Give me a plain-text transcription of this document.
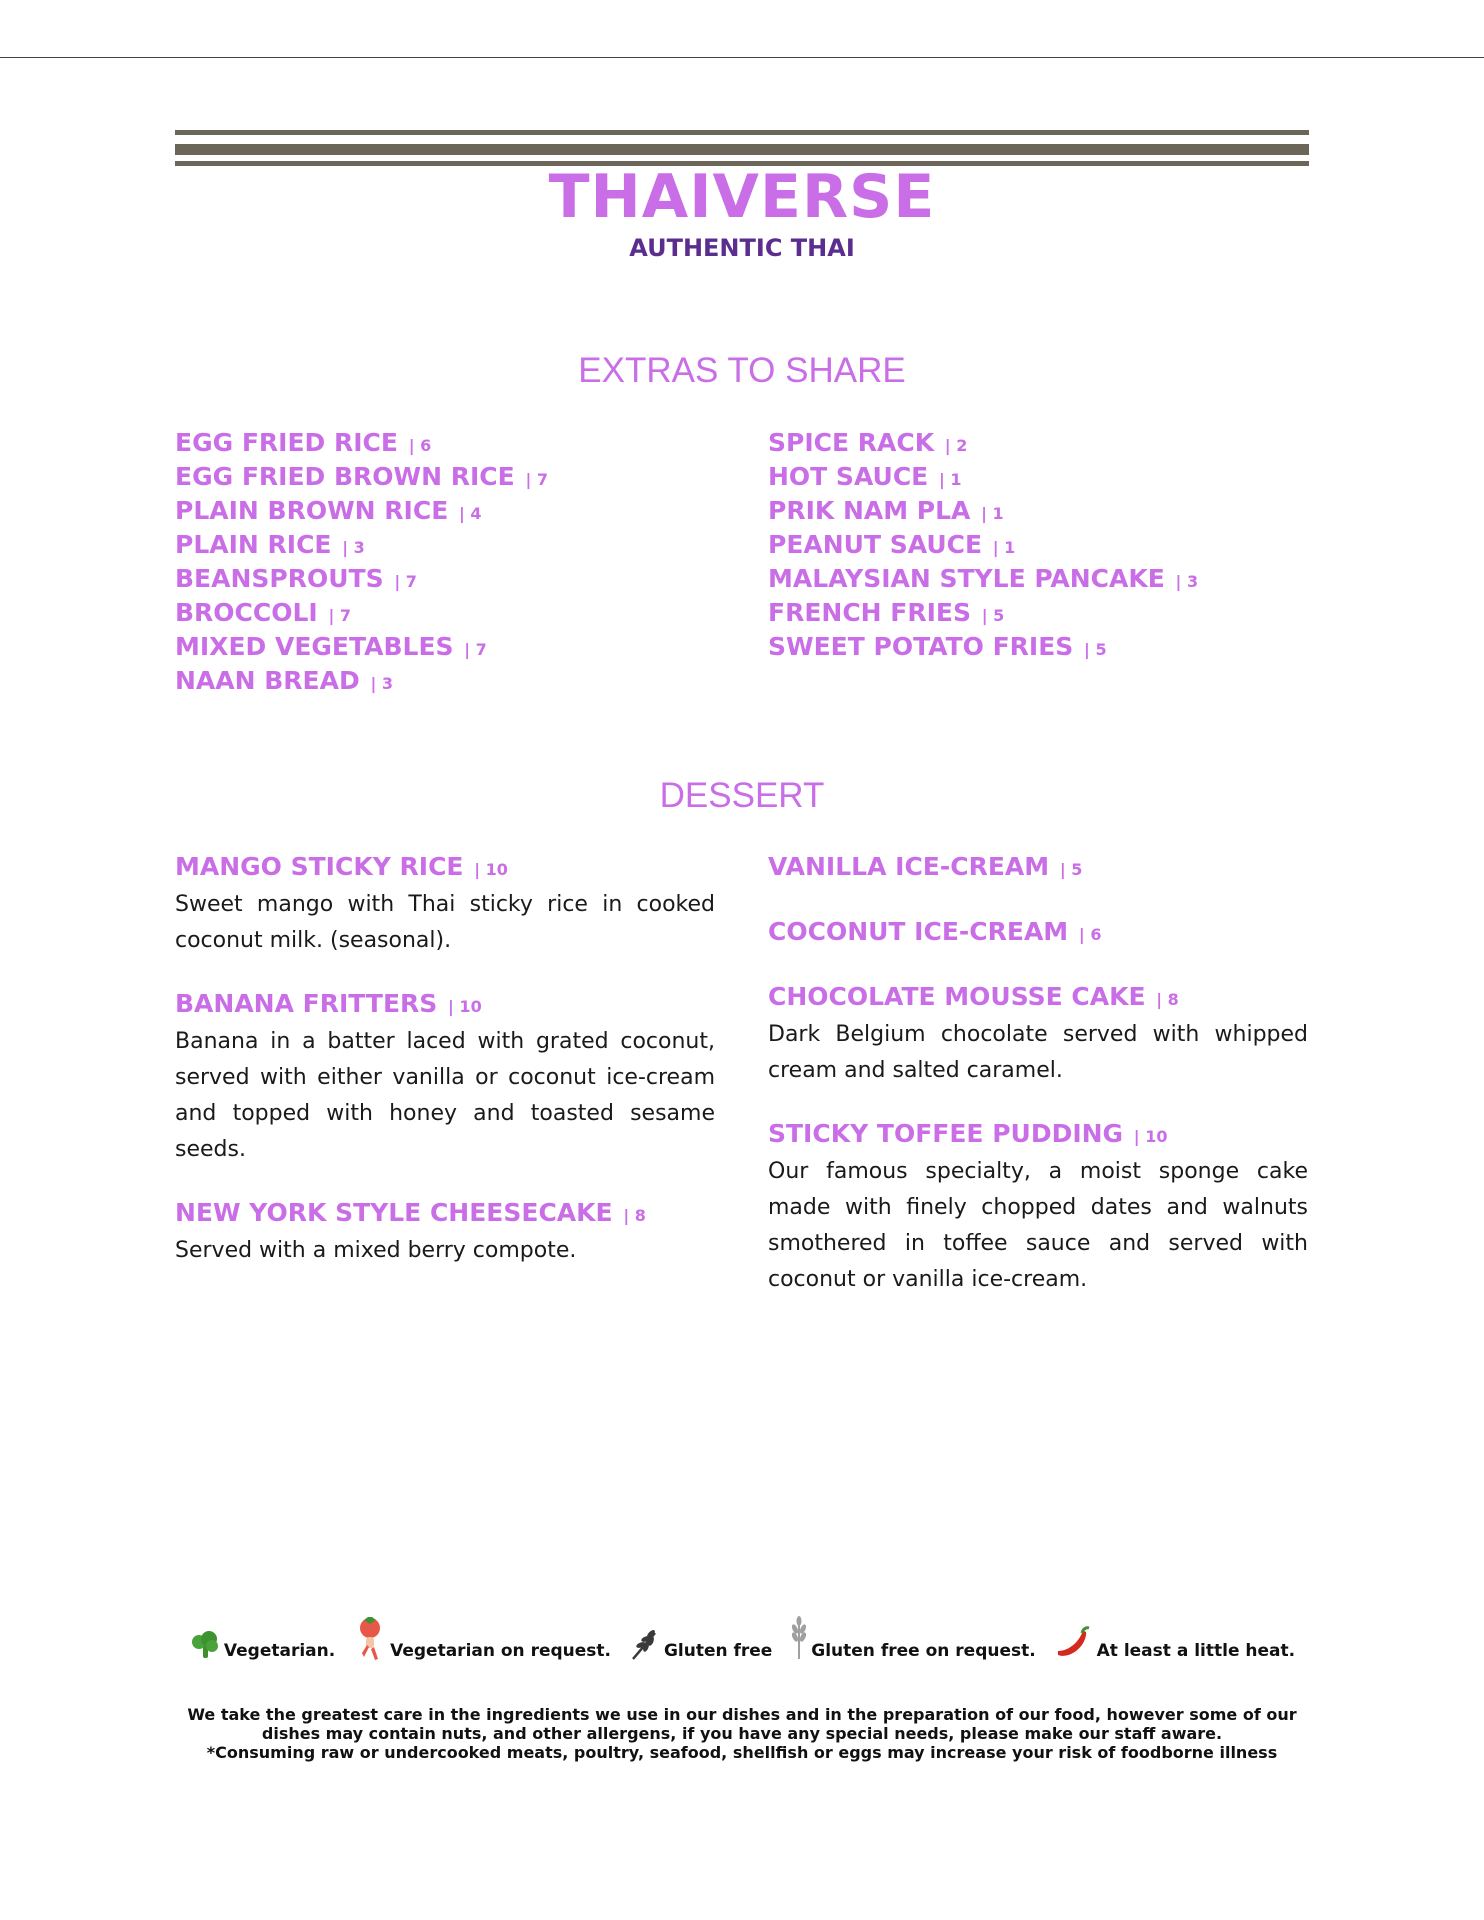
THAIVERSE
AUTHENTIC THAI
EXTRAS TO SHARE
EGG FRIED RICE | 6
EGG FRIED BROWN RICE | 7
PLAIN BROWN RICE | 4
PLAIN RICE | 3
BEANSPROUTS | 7
BROCCOLI | 7
MIXED VEGETABLES | 7
NAAN BREAD | 3
SPICE RACK | 2
HOT SAUCE | 1
PRIK NAM PLA | 1
PEANUT SAUCE | 1
MALAYSIAN STYLE PANCAKE | 3
FRENCH FRIES | 5
SWEET POTATO FRIES | 5
DESSERT
MANGO STICKY RICE | 10
Sweet mango with Thai sticky rice in cooked coconut milk. (seasonal).
BANANA FRITTERS | 10
Banana in a batter laced with grated coconut, served with either vanilla or coconut ice-cream and topped with honey and toasted sesame seeds.
NEW YORK STYLE CHEESECAKE | 8
Served with a mixed berry compote.
VANILLA ICE-CREAM | 5
COCONUT ICE-CREAM | 6
CHOCOLATE MOUSSE CAKE | 8
Dark Belgium chocolate served with whipped cream and salted caramel.
STICKY TOFFEE PUDDING | 10
Our famous specialty, a moist sponge cake made with finely chopped dates and walnuts smothered in toffee sauce and served with coconut or vanilla ice-cream.
Vegetarian.	Vegetarian on request.	Gluten free Gluten free on request.	At least a little heat.
We take the greatest care in the ingredients we use in our dishes and in the preparation of our food, however some of our
dishes may contain nuts, and other allergens, if you have any special needs, please make our staff aware.
*Consuming raw or undercooked meats, poultry, seafood, shellfish or eggs may increase your risk of foodborne illness
